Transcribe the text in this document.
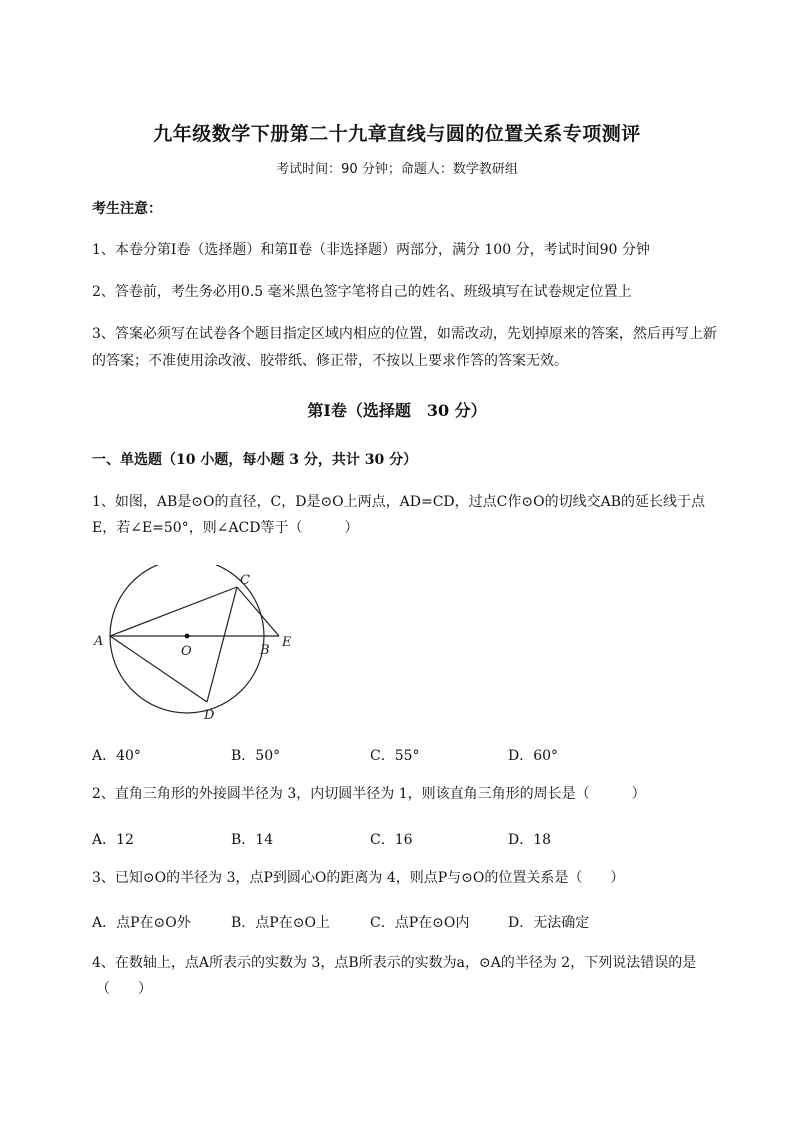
九年级数学下册第二十九章直线与圆的位置关系专项测评
考试时间：90 分钟；命题人：数学教研组
考生注意：
1、本卷分第Ⅰ卷（选择题）和第Ⅱ卷（非选择题）两部分，满分 100 分，考试时间90 分钟
2、答卷前，考生务必用0.5 毫米黑色签字笔将自己的姓名、班级填写在试卷规定位置上
3、答案必须写在试卷各个题目指定区域内相应的位置，如需改动，先划掉原来的答案，然后再写上新
的答案；不准使用涂改液、胶带纸、修正带，不按以上要求作答的答案无效。
第Ⅰ卷（选择题　30 分）
一、单选题（10 小题，每小题 3 分，共计 30 分）
1、如图，AB是⊙O的直径，C，D是⊙O上两点，AD=CD，过点C作⊙O的切线交AB的延长线于点
E，若∠E=50°，则∠ACD等于（　　　）
A
O	B
C
E
D
A．40°	B．50°	C．55°	D．60°
2、直角三角形的外接圆半径为 3，内切圆半径为 1，则该直角三角形的周长是（　　　）
A．12	B．14	C．16	D．18
3、已知⊙O的半径为 3，点P到圆心O的距离为 4，则点P与⊙O的位置关系是（　　）
A．点P在⊙O外	B．点P在⊙O上	C．点P在⊙O内	D．无法确定
4、在数轴上，点A所表示的实数为 3，点B所表示的实数为a，⊙A的半径为 2，下列说法错误的是
（　　）
